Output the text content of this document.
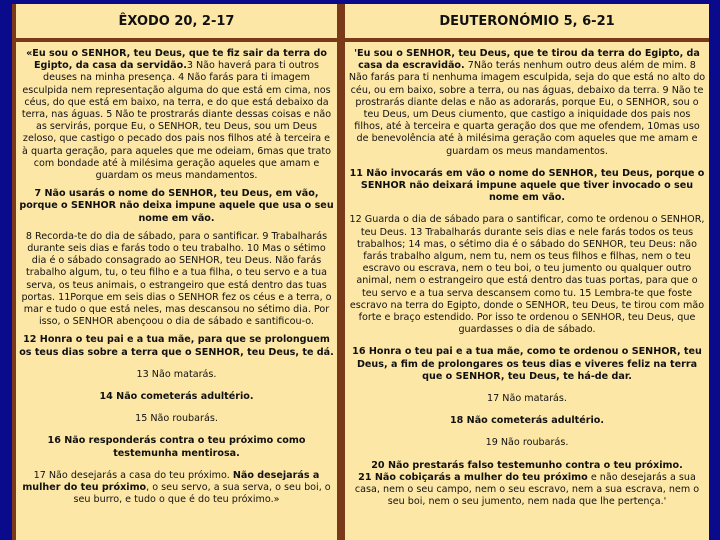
ÊXODO 20, 2-17

«Eu sou o SENHOR, teu Deus, que te fiz sair da terra do Egipto, da casa da servidão.3 Não haverá para ti outros deuses na minha presença. 4 Não farás para ti imagem esculpida nem representação alguma do que está em cima, nos céus, do que está em baixo, na terra, e do que está debaixo da terra, nas águas. 5 Não te prostrarás diante dessas coisas e não as servirás, porque Eu, o SENHOR, teu Deus, sou um Deus zeloso, que castigo o pecado dos pais nos filhos até à terceira e à quarta geração, para aqueles que me odeiam, 6mas que trato com bondade até à milésima geração aqueles que amam e guardam os meus mandamentos.

7 Não usarás o nome do SENHOR, teu Deus, em vão, porque o SENHOR não deixa impune aquele que usa o seu nome em vão.

8 Recorda-te do dia de sábado, para o santificar. 9 Trabalharás durante seis dias e farás todo o teu trabalho. 10 Mas o sétimo dia é o sábado consagrado ao SENHOR, teu Deus. Não farás trabalho algum, tu, o teu filho e a tua filha, o teu servo e a tua serva, os teus animais, o estrangeiro que está dentro das tuas portas. 11Porque em seis dias o SENHOR fez os céus e a terra, o mar e tudo o que está neles, mas descansou no sétimo dia. Por isso, o SENHOR abençoou o dia de sábado e santificou-o.

12 Honra o teu pai e a tua mãe, para que se prolonguem os teus dias sobre a terra que o SENHOR, teu Deus, te dá.

13 Não matarás.

14 Não cometerás adultério.

15 Não roubarás.

16 Não responderás contra o teu próximo como testemunha mentirosa.

17 Não desejarás a casa do teu próximo. Não desejarás a mulher do teu próximo, o seu servo, a sua serva, o seu boi, o seu burro, e tudo o que é do teu próximo.»

DEUTERONÓMIO 5, 6-21

'Eu sou o SENHOR, teu Deus, que te tirou da terra do Egipto, da casa da escravidão. 7Não terás nenhum outro deus além de mim. 8 Não farás para ti nenhuma imagem esculpida, seja do que está no alto do céu, ou em baixo, sobre a terra, ou nas águas, debaixo da terra. 9 Não te prostrarás diante delas e não as adorarás, porque Eu, o SENHOR, sou o teu Deus, um Deus ciumento, que castigo a iniquidade dos pais nos filhos, até à terceira e quarta geração dos que me ofendem, 10mas uso de benevolência até à milésima geração com aqueles que me amam e guardam os meus mandamentos.

11 Não invocarás em vão o nome do SENHOR, teu Deus, porque o SENHOR não deixará impune aquele que tiver invocado o seu nome em vão.

12 Guarda o dia de sábado para o santificar, como te ordenou o SENHOR, teu Deus. 13 Trabalharás durante seis dias e nele farás todos os teus trabalhos; 14 mas, o sétimo dia é o sábado do SENHOR, teu Deus: não farás trabalho algum, nem tu, nem os teus filhos e filhas, nem o teu escravo ou escrava, nem o teu boi, o teu jumento ou qualquer outro animal, nem o estrangeiro que está dentro das tuas portas, para que o teu servo e a tua serva descansem como tu. 15 Lembra-te que foste escravo na terra do Egipto, donde o SENHOR, teu Deus, te tirou com mão forte e braço estendido. Por isso te ordenou o SENHOR, teu Deus, que guardasses o dia de sábado.

16 Honra o teu pai e a tua mãe, como te ordenou o SENHOR, teu Deus, a fim de prolongares os teus dias e viveres feliz na terra que o SENHOR, teu Deus, te há-de dar.

17 Não matarás.

18 Não cometerás adultério.

19 Não roubarás.

20 Não prestarás falso testemunho contra o teu próximo.
21 Não cobiçarás a mulher do teu próximo e não desejarás a sua casa, nem o seu campo, nem o seu escravo, nem a sua escrava, nem o seu boi, nem o seu jumento, nem nada que lhe pertença.'
